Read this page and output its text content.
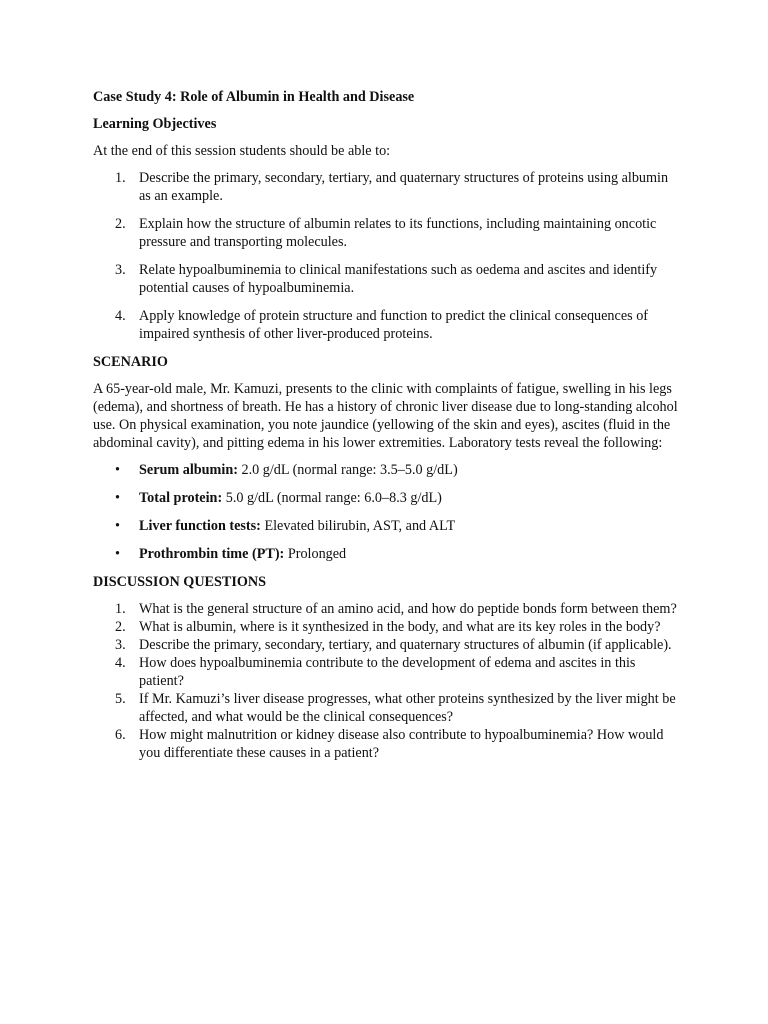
Case Study 4: Role of Albumin in Health and Disease
Learning Objectives
At the end of this session students should be able to:
1. Describe the primary, secondary, tertiary, and quaternary structures of proteins using albumin as an example.
2. Explain how the structure of albumin relates to its functions, including maintaining oncotic pressure and transporting molecules.
3. Relate hypoalbuminemia to clinical manifestations such as oedema and ascites and identify potential causes of hypoalbuminemia.
4. Apply knowledge of protein structure and function to predict the clinical consequences of impaired synthesis of other liver-produced proteins.
SCENARIO
A 65-year-old male, Mr. Kamuzi, presents to the clinic with complaints of fatigue, swelling in his legs (edema), and shortness of breath. He has a history of chronic liver disease due to long-standing alcohol use. On physical examination, you note jaundice (yellowing of the skin and eyes), ascites (fluid in the abdominal cavity), and pitting edema in his lower extremities. Laboratory tests reveal the following:
• Serum albumin: 2.0 g/dL (normal range: 3.5–5.0 g/dL)
• Total protein: 5.0 g/dL (normal range: 6.0–8.3 g/dL)
• Liver function tests: Elevated bilirubin, AST, and ALT
• Prothrombin time (PT): Prolonged
DISCUSSION QUESTIONS
1. What is the general structure of an amino acid, and how do peptide bonds form between them?
2. What is albumin, where is it synthesized in the body, and what are its key roles in the body?
3. Describe the primary, secondary, tertiary, and quaternary structures of albumin (if applicable).
4. How does hypoalbuminemia contribute to the development of edema and ascites in this patient?
5. If Mr. Kamuzi’s liver disease progresses, what other proteins synthesized by the liver might be affected, and what would be the clinical consequences?
6. How might malnutrition or kidney disease also contribute to hypoalbuminemia? How would you differentiate these causes in a patient?
